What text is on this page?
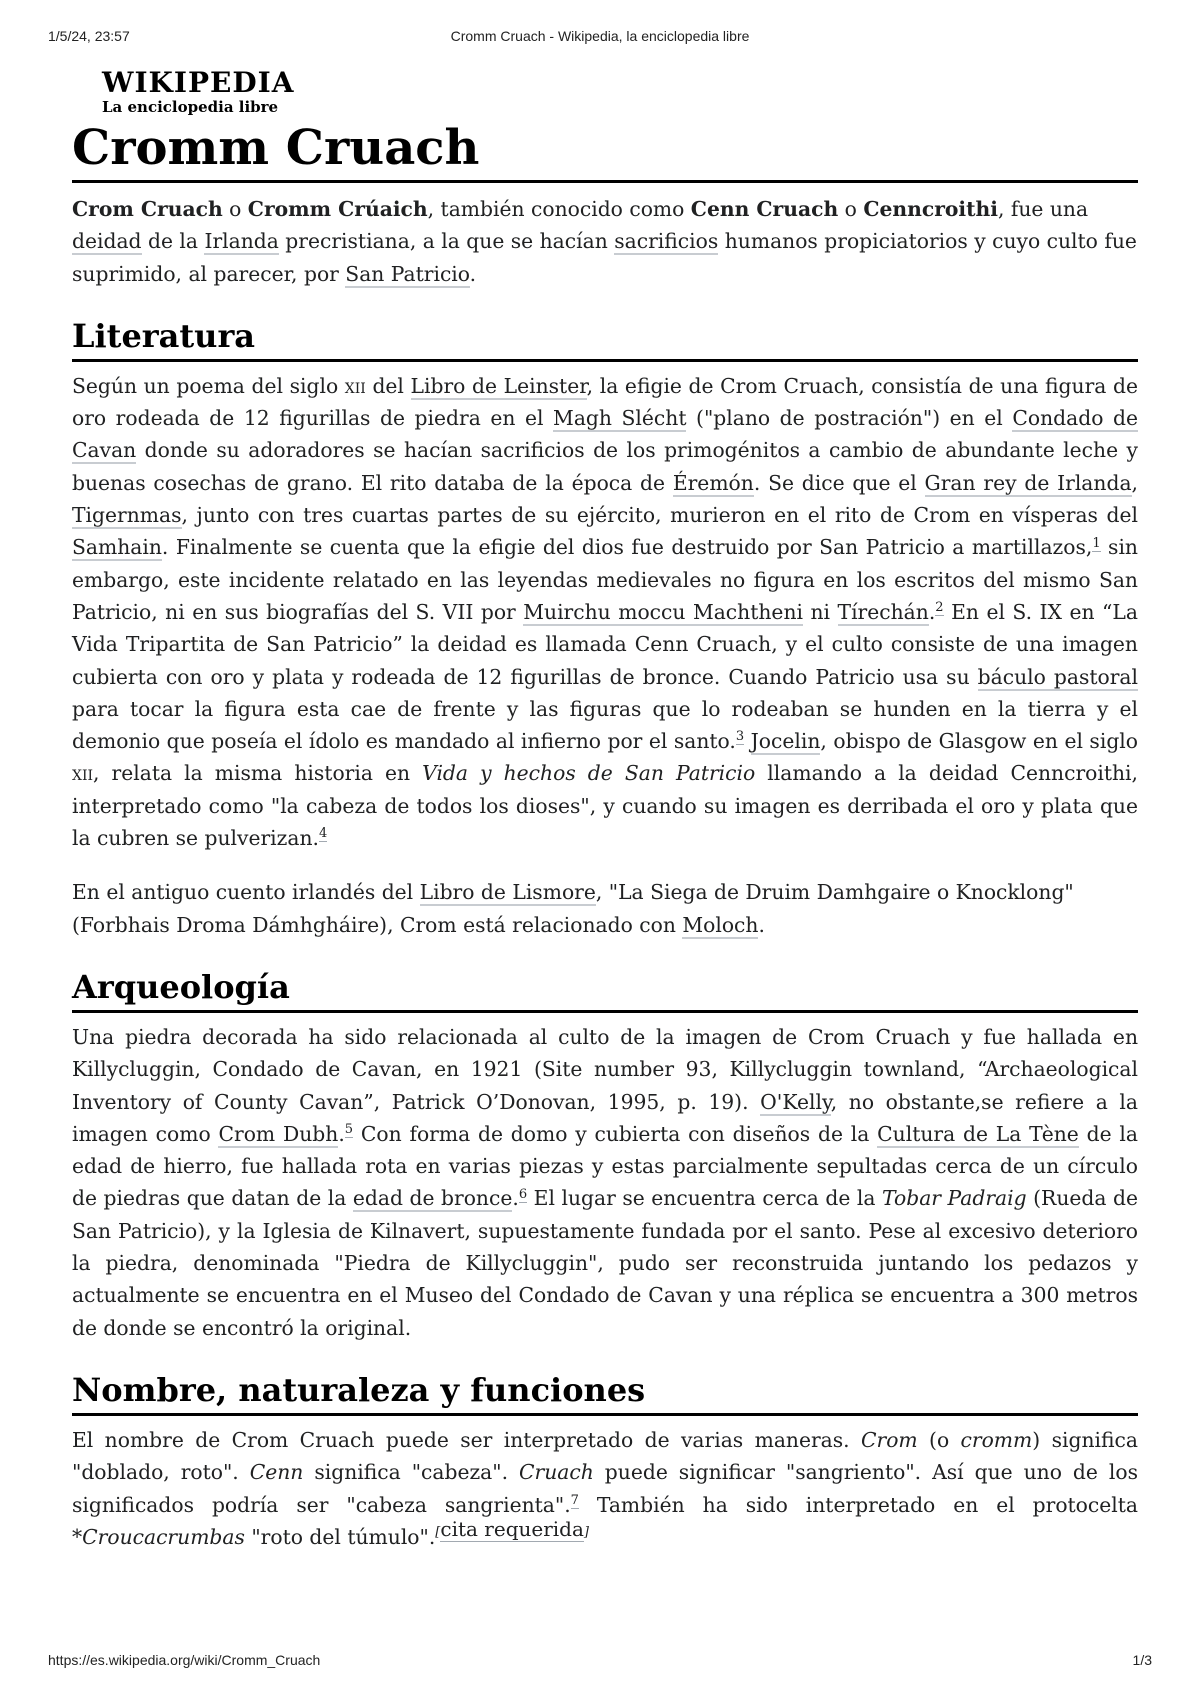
1/5/24, 23:57	Cromm Cruach - Wikipedia, la enciclopedia libre
WIKIPEDIA
La enciclopedia libre
Cromm Cruach

Crom Cruach o Cromm Crúaich, también conocido como Cenn Cruach o Cenncroithi, fue una deidad de la Irlanda precristiana, a la que se hacían sacrificios humanos propiciatorios y cuyo culto fue suprimido, al parecer, por San Patricio.

Literatura

Según un poema del siglo xii del Libro de Leinster, la efigie de Crom Cruach, consistía de una figura de oro rodeada de 12 figurillas de piedra en el Magh Slécht ("plano de postración") en el Condado de Cavan donde su adoradores se hacían sacrificios de los primogénitos a cambio de abundante leche y buenas cosechas de grano. El rito databa de la época de Éremón. Se dice que el Gran rey de Irlanda, Tigernmas, junto con tres cuartas partes de su ejército, murieron en el rito de Crom en vísperas del Samhain. Finalmente se cuenta que la efigie del dios fue destruido por San Patricio a martillazos,$^1$ sin embargo, este incidente relatado en las leyendas medievales no figura en los escritos del mismo San Patricio, ni en sus biografías del S. VII por Muirchu moccu Machtheni ni Tírechán.$^2$ En el S. IX en “La Vida Tripartita de San Patricio” la deidad es llamada Cenn Cruach, y el culto consiste de una imagen cubierta con oro y plata y rodeada de 12 figurillas de bronce. Cuando Patricio usa su báculo pastoral para tocar la figura esta cae de frente y las figuras que lo rodeaban se hunden en la tierra y el demonio que poseía el ídolo es mandado al infierno por el santo.$^3$ Jocelin, obispo de Glasgow en el siglo xii, relata la misma historia en Vida y hechos de San Patricio llamando a la deidad Cenncroithi, interpretado como "la cabeza de todos los dioses", y cuando su imagen es derribada el oro y plata que la cubren se pulverizan.$^4$

En el antiguo cuento irlandés del Libro de Lismore, "La Siega de Druim Damhgaire o Knocklong" (Forbhais Droma Dámhgháire), Crom está relacionado con Moloch.

Arqueología

Una piedra decorada ha sido relacionada al culto de la imagen de Crom Cruach y fue hallada en Killycluggin, Condado de Cavan, en 1921 (Site number 93, Killycluggin townland, “Archaeological Inventory of County Cavan”, Patrick O’Donovan, 1995, p. 19). O'Kelly, no obstante,se refiere a la imagen como Crom Dubh.$^5$ Con forma de domo y cubierta con diseños de la Cultura de La Tène de la edad de hierro, fue hallada rota en varias piezas y estas parcialmente sepultadas cerca de un círculo de piedras que datan de la edad de bronce.$^6$ El lugar se encuentra cerca de la Tobar Padraig (Rueda de San Patricio), y la Iglesia de Kilnavert, supuestamente fundada por el santo. Pese al excesivo deterioro la piedra, denominada "Piedra de Killycluggin", pudo ser reconstruida juntando los pedazos y actualmente se encuentra en el Museo del Condado de Cavan y una réplica se encuentra a 300 metros de donde se encontró la original.

Nombre, naturaleza y funciones

El nombre de Crom Cruach puede ser interpretado de varias maneras. Crom (o cromm) significa "doblado, roto". Cenn significa "cabeza". Cruach puede significar "sangriento". Así que uno de los significados podría ser "cabeza sangrienta".$^7$ También ha sido interpretado en el protocelta *Croucacrumbas "roto del túmulo".[cita requerida]

https://es.wikipedia.org/wiki/Cromm_Cruach	1/3
